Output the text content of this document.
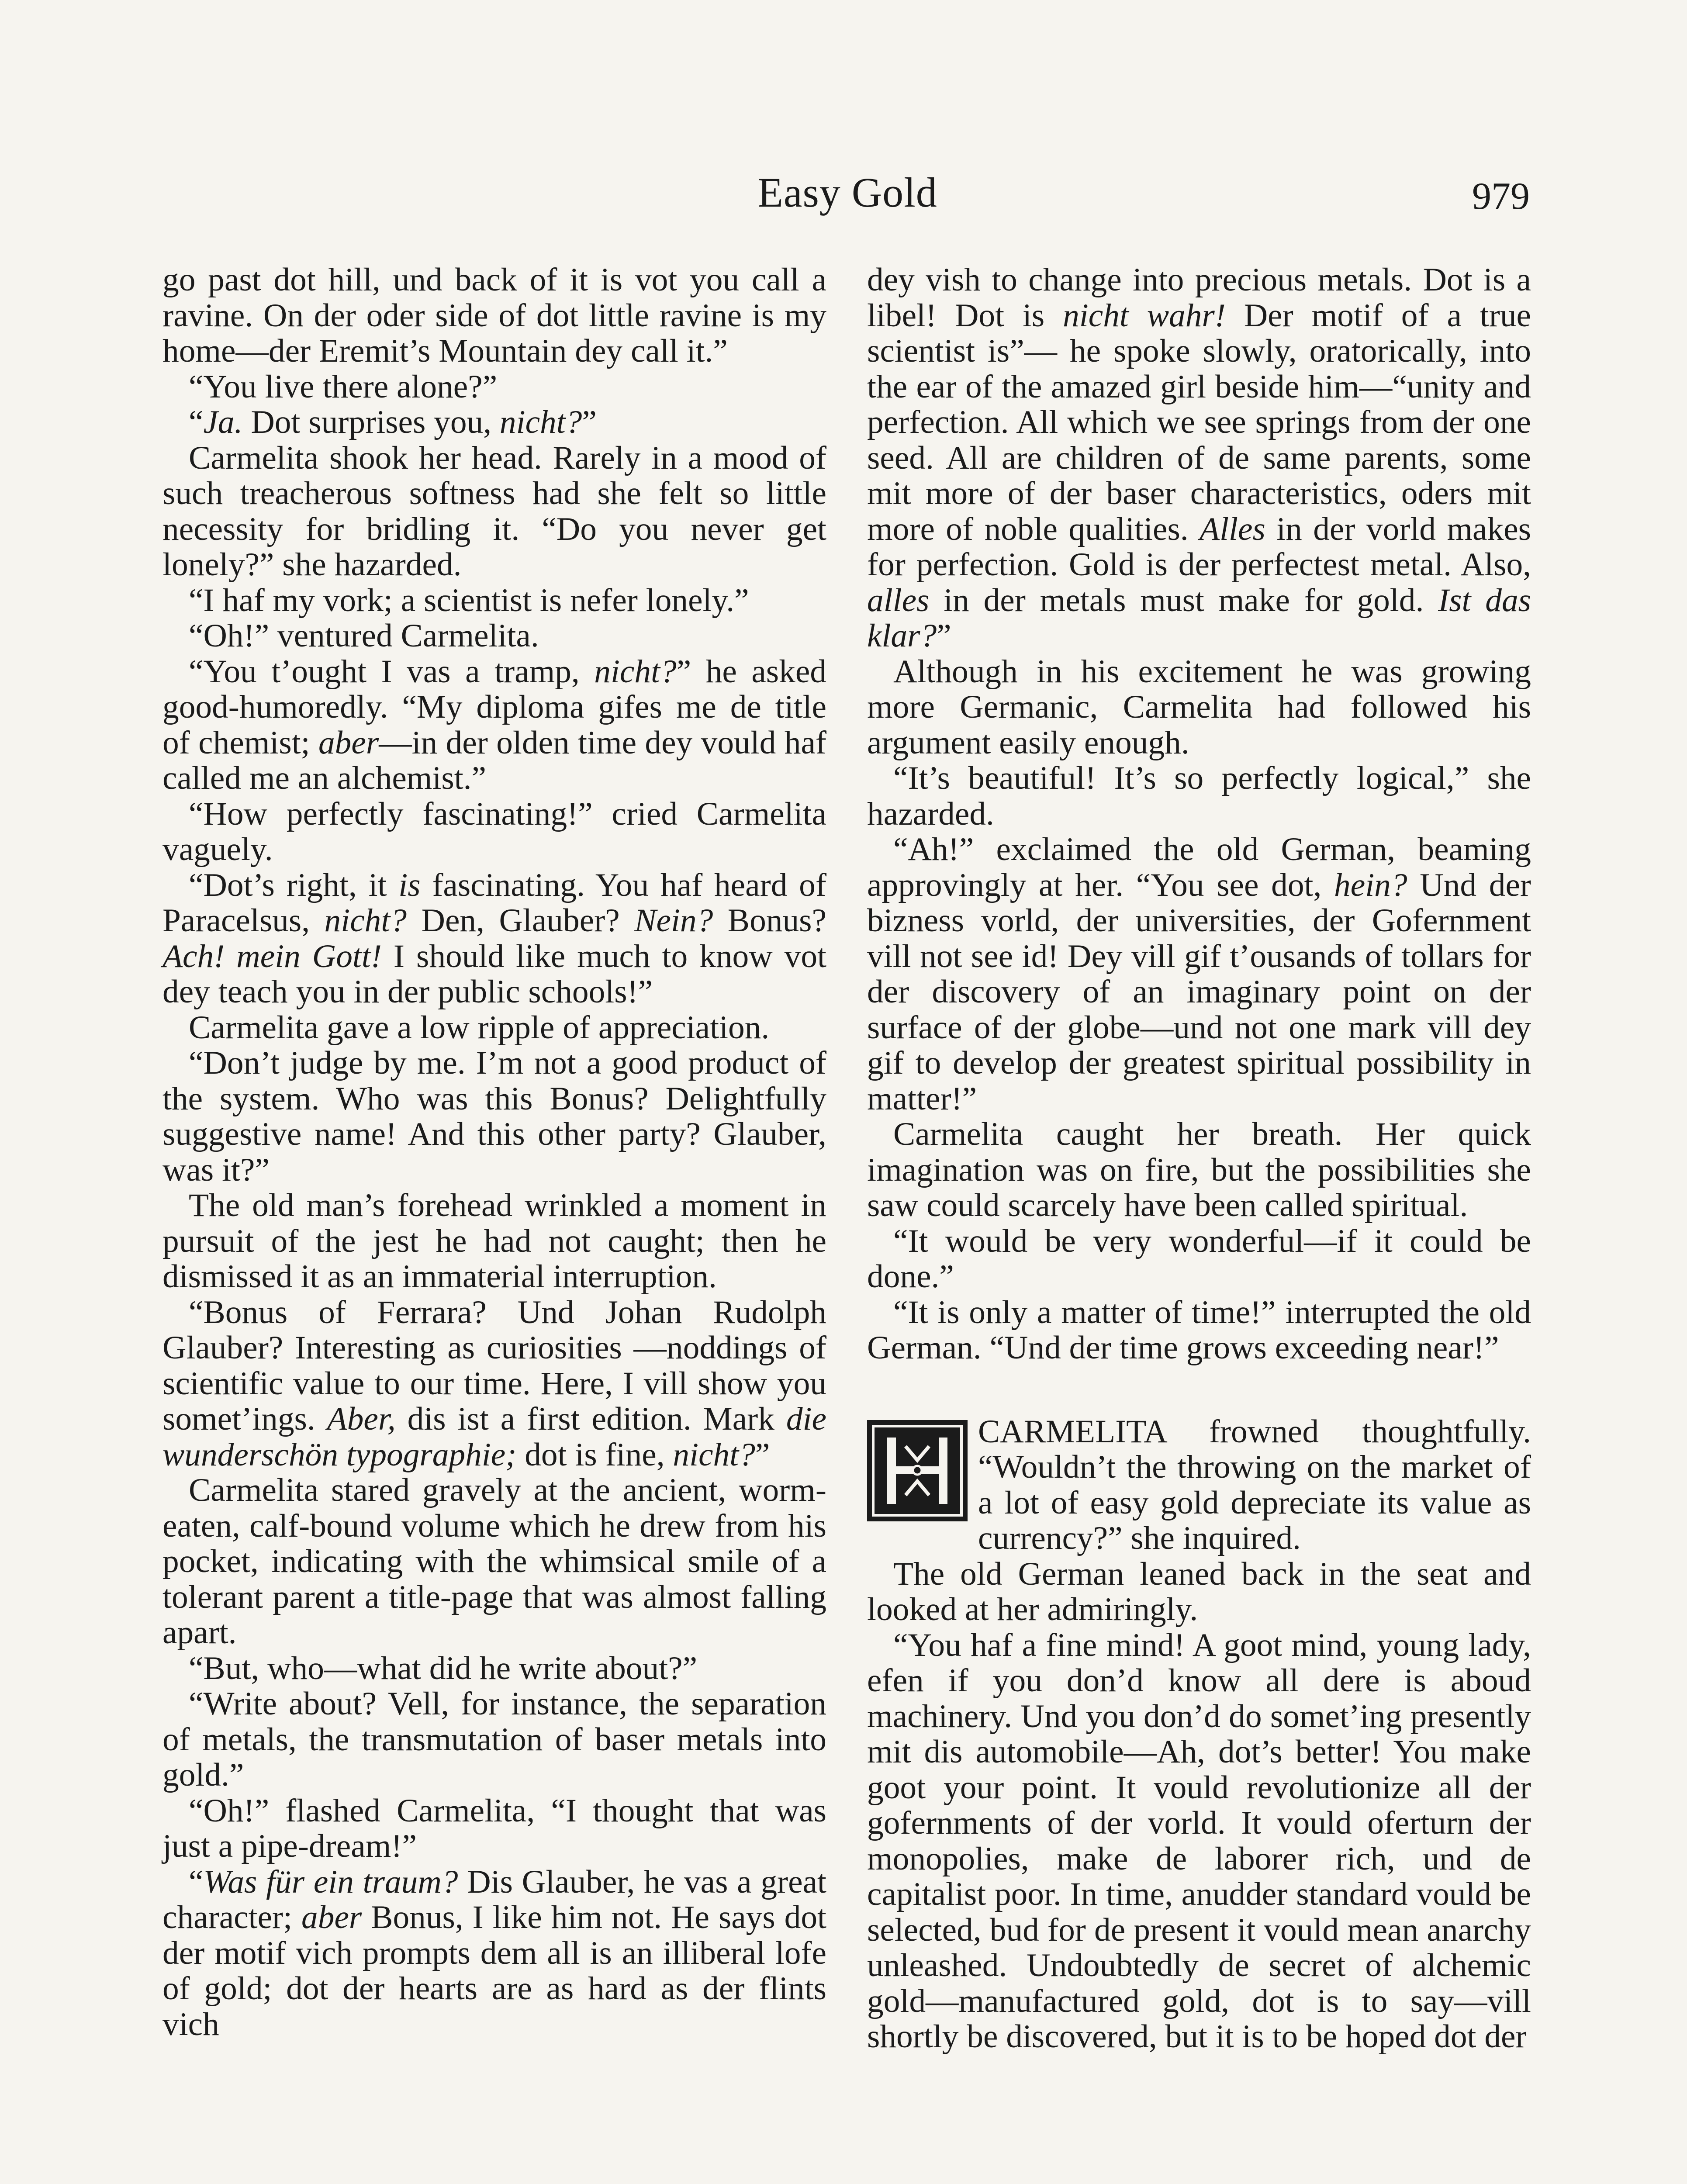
Easy Gold	979

go past dot hill, und back of it is vot you call a ravine. On der oder side of dot little ravine is my home—der Eremit’s Mountain dey call it.”

“You live there alone?”

“Ja. Dot surprises you, nicht?”

Carmelita shook her head. Rarely in a mood of such treacherous softness had she felt so little necessity for bridling it. “Do you never get lonely?” she hazarded.

“I haf my vork; a scientist is nefer lonely.”

“Oh!” ventured Carmelita.

“You t’ought I vas a tramp, nicht?” he asked good-humoredly. “My diploma gifes me de title of chemist; aber—in der olden time dey vould haf called me an alchemist.”

“How perfectly fascinating!” cried Carmelita vaguely.

“Dot’s right, it is fascinating. You haf heard of Paracelsus, nicht? Den, Glauber? Nein? Bonus? Ach! mein Gott! I should like much to know vot dey teach you in der public schools!”

Carmelita gave a low ripple of appreciation.

“Don’t judge by me. I’m not a good product of the system. Who was this Bonus? Delightfully suggestive name! And this other party? Glauber, was it?”

The old man’s forehead wrinkled a moment in pursuit of the jest he had not caught; then he dismissed it as an immaterial interruption.

“Bonus of Ferrara? Und Johan Rudolph Glauber? Interesting as curiosities —noddings of scientific value to our time. Here, I vill show you somet’ings. Aber, dis ist a first edition. Mark die wunderschön typographie; dot is fine, nicht?”

Carmelita stared gravely at the ancient, worm-eaten, calf-bound volume which he drew from his pocket, indicating with the whimsical smile of a tolerant parent a title-page that was almost falling apart.

“But, who—what did he write about?”

“Write about? Vell, for instance, the separation of metals, the transmutation of baser metals into gold.”

“Oh!” flashed Carmelita, “I thought that was just a pipe-dream!”

“Was für ein traum? Dis Glauber, he vas a great character; aber Bonus, I like him not. He says dot der motif vich prompts dem all is an illiberal lofe of gold; dot der hearts are as hard as der flints vich

dey vish to change into precious metals. Dot is a libel! Dot is nicht wahr! Der motif of a true scientist is”— he spoke slowly, oratorically, into the ear of the amazed girl beside him—“unity and perfection. All which we see springs from der one seed. All are children of de same parents, some mit more of der baser characteristics, oders mit more of noble qualities. Alles in der vorld makes for perfection. Gold is der perfectest metal. Also, alles in der metals must make for gold. Ist das klar?”

Although in his excitement he was growing more Germanic, Carmelita had followed his argument easily enough.

“It’s beautiful! It’s so perfectly logical,” she hazarded.

“Ah!” exclaimed the old German, beaming approvingly at her. “You see dot, hein? Und der bizness vorld, der universities, der Gofernment vill not see id! Dey vill gif t’ousands of tollars for der discovery of an imaginary point on der surface of der globe—und not one mark vill dey gif to develop der greatest spiritual possibility in matter!”

Carmelita caught her breath. Her quick imagination was on fire, but the possibilities she saw could scarcely have been called spiritual.

“It would be very wonderful—if it could be done.”

“It is only a matter of time!” interrupted the old German. “Und der time grows exceeding near!”

CARMELITA frowned thoughtfully. “Wouldn’t the throwing on the market of a lot of easy gold depreciate its value as currency?” she inquired.

The old German leaned back in the seat and looked at her admiringly.

“You haf a fine mind! A goot mind, young lady, efen if you don’d know all dere is aboud machinery. Und you don’d do somet’ing presently mit dis automobile—Ah, dot’s better! You make goot your point. It vould revolutionize all der gofernments of der vorld. It vould oferturn der monopolies, make de laborer rich, und de capitalist poor. In time, anudder standard vould be selected, bud for de present it vould mean anarchy unleashed. Undoubtedly de secret of alchemic gold—manufactured gold, dot is to say—vill shortly be discovered, but it is to be hoped dot der
